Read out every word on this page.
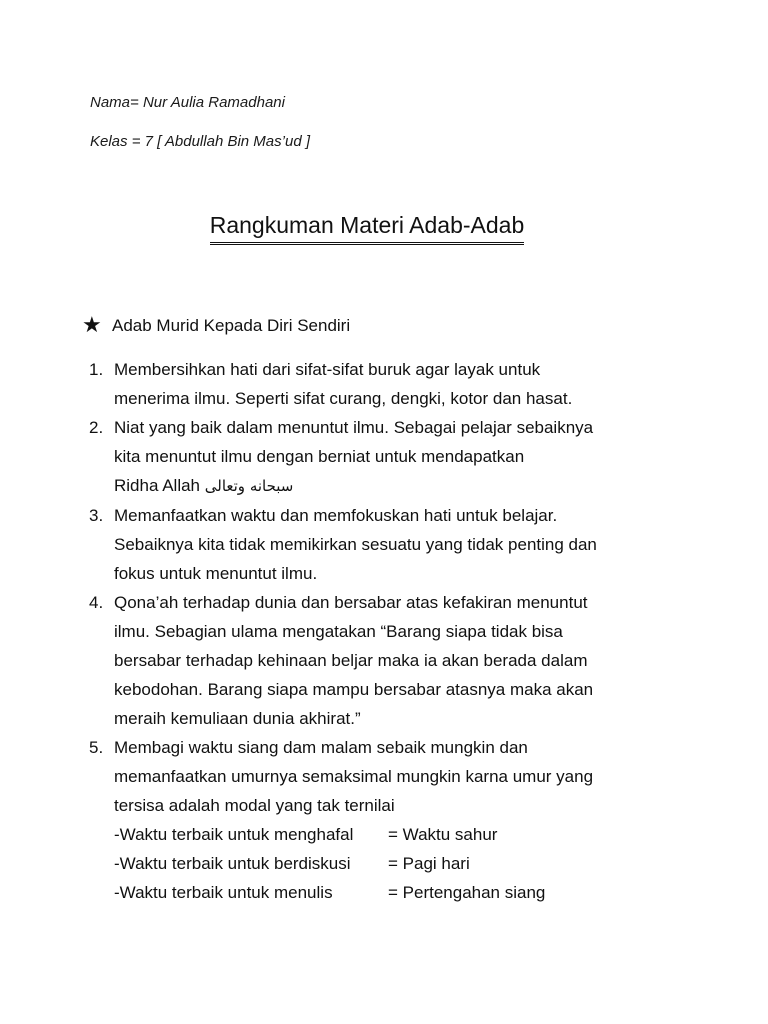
Nama= Nur Aulia Ramadhani
Kelas = 7 [ Abdullah Bin Mas’ud ]
Rangkuman Materi Adab-Adab
★ Adab Murid Kepada Diri Sendiri
1. Membersihkan hati dari sifat-sifat buruk agar layak untuk
menerima ilmu. Seperti sifat curang, dengki, kotor dan hasat.
2. Niat yang baik dalam menuntut ilmu. Sebagai pelajar sebaiknya
kita menuntut ilmu dengan berniat untuk mendapatkan
Ridha Allah سبحانه وتعالى
3. Memanfaatkan waktu dan memfokuskan hati untuk belajar.
Sebaiknya kita tidak memikirkan sesuatu yang tidak penting dan
fokus untuk menuntut ilmu.
4. Qona’ah terhadap dunia dan bersabar atas kefakiran menuntut
ilmu. Sebagian ulama mengatakan “Barang siapa tidak bisa
bersabar terhadap kehinaan beljar maka ia akan berada dalam
kebodohan. Barang siapa mampu bersabar atasnya maka akan
meraih kemuliaan dunia akhirat.”
5. Membagi waktu siang dam malam sebaik mungkin dan
memanfaatkan umurnya semaksimal mungkin karna umur yang
tersisa adalah modal yang tak ternilai
-Waktu terbaik untuk menghafal = Waktu sahur
-Waktu terbaik untuk berdiskusi = Pagi hari
-Waktu terbaik untuk menulis	= Pertengahan siang
